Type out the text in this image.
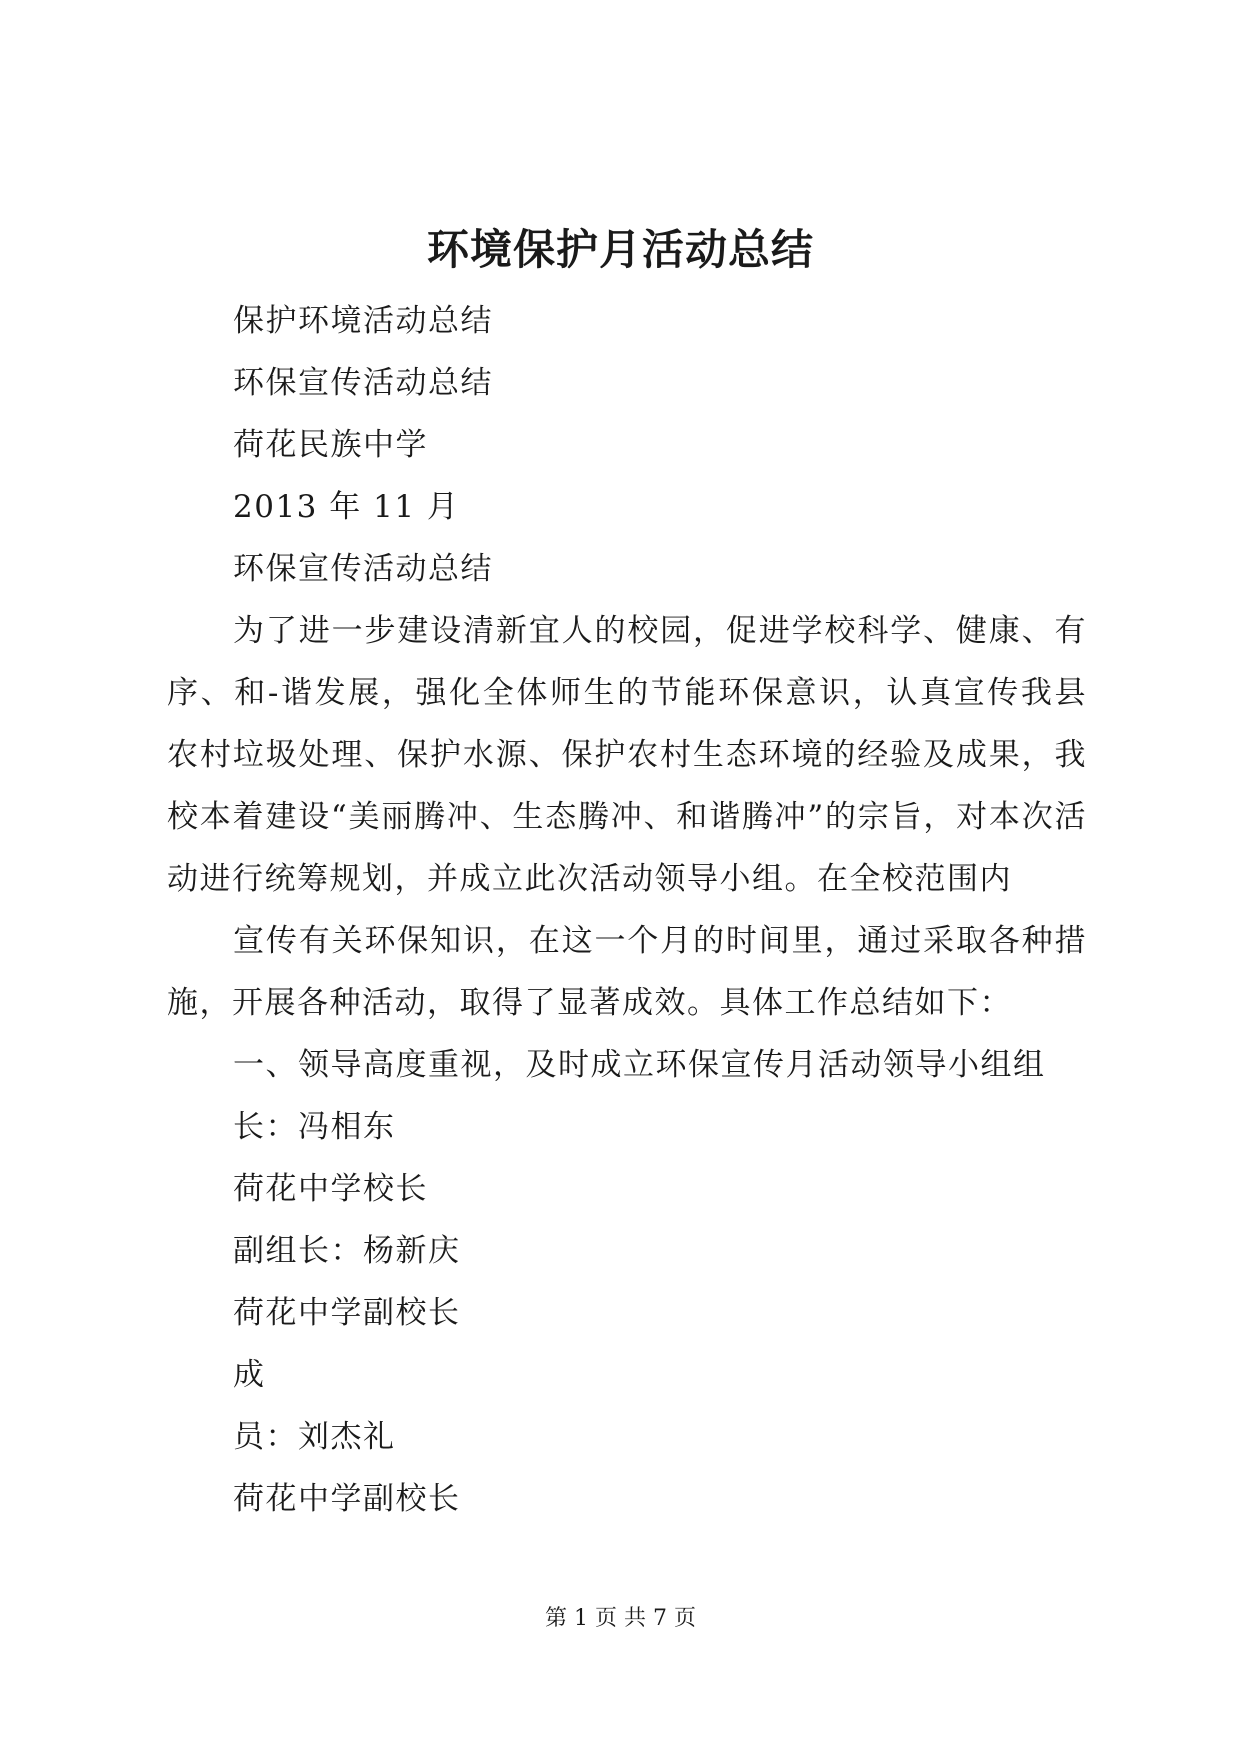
环境保护月活动总结
保护环境活动总结
环保宣传活动总结
荷花民族中学
2013 年 11 月
环保宣传活动总结
为了进一步建设清新宜人的校园，促进学校科学、健康、有序、和-谐发展，强化全体师生的节能环保意识，认真宣传我县农村垃圾处理、保护水源、保护农村生态环境的经验及成果，我校本着建设“美丽腾冲、生态腾冲、和谐腾冲”的宗旨，对本次活动进行统筹规划，并成立此次活动领导小组。在全校范围内
宣传有关环保知识，在这一个月的时间里，通过采取各种措施，开展各种活动，取得了显著成效。具体工作总结如下：
一、领导高度重视，及时成立环保宣传月活动领导小组组
长：冯相东
荷花中学校长
副组长：杨新庆
荷花中学副校长
成
员：刘杰礼
荷花中学副校长
第 1 页 共 7 页
